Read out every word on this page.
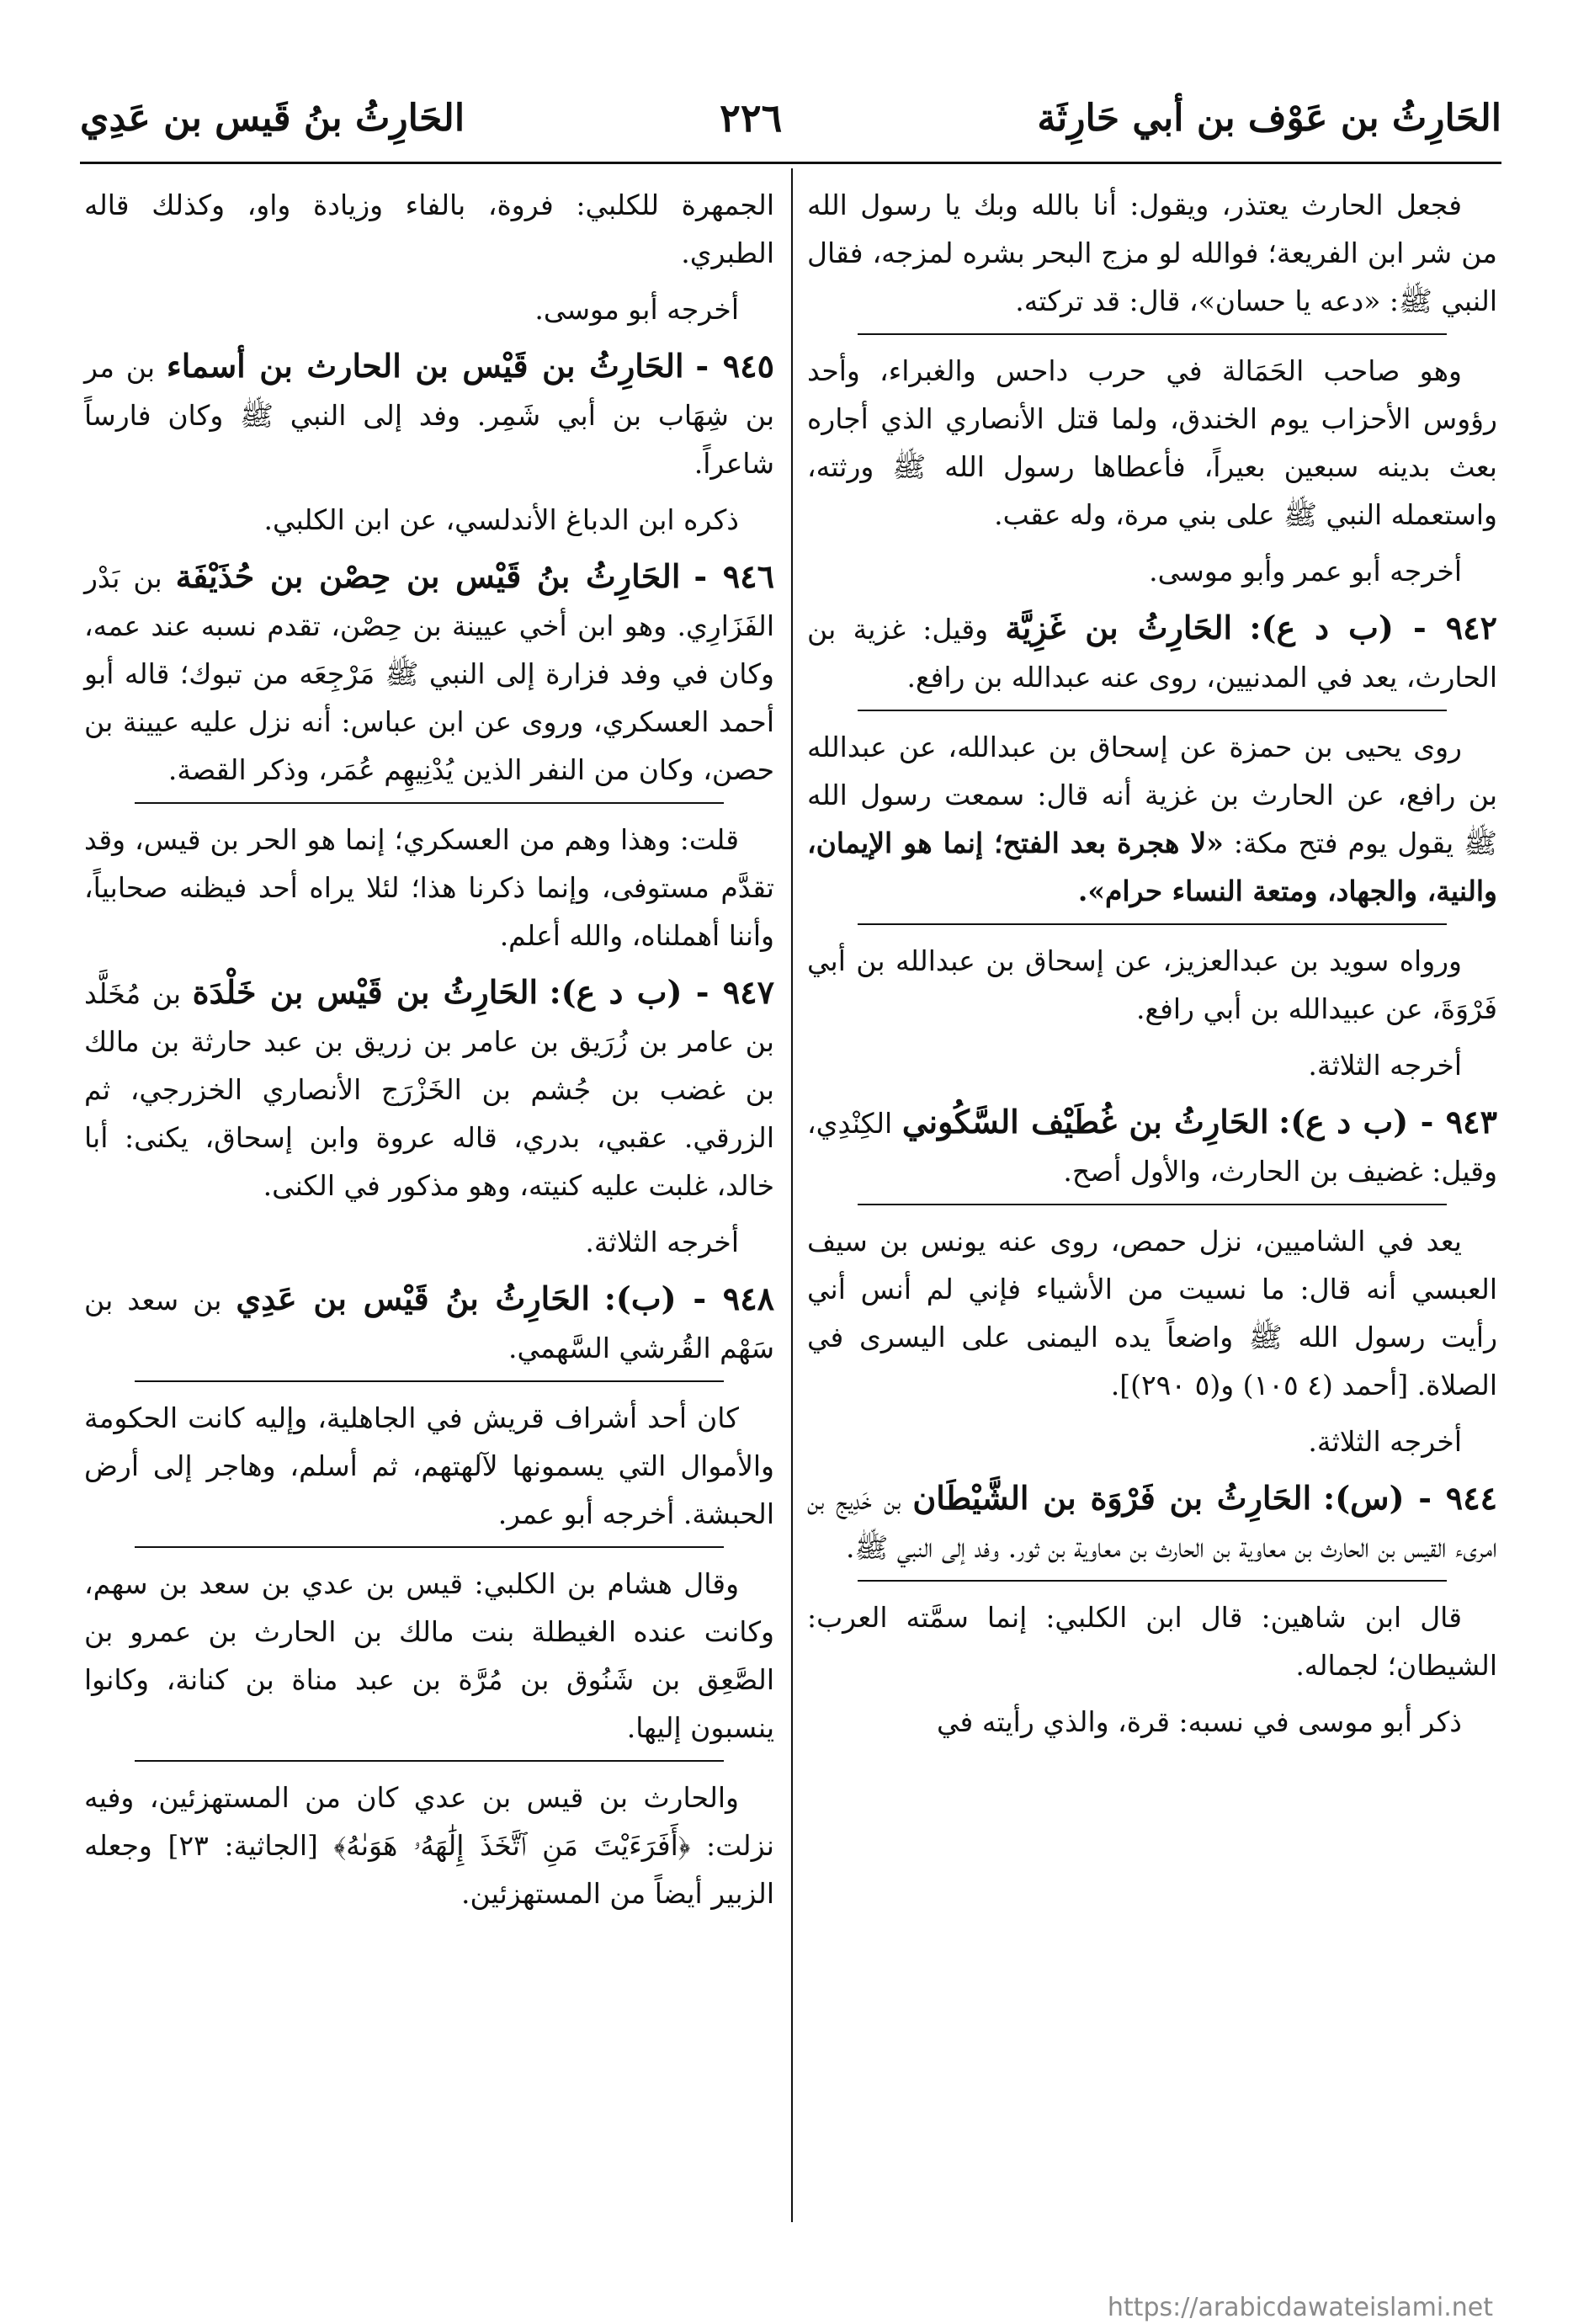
الحَارِثُ بن عَوْف بن أبي حَارِثَة
٢٢٦
الحَارِثُ بنُ قَيس بن عَدِي

فجعل الحارث يعتذر، ويقول: أنا بالله وبك يا رسول الله من شر ابن الفريعة؛ فوالله لو مزج البحر بشره لمزجه، فقال النبي ﷺ: «دعه يا حسان»، قال: قد تركته.

وهو صاحب الحَمَالة في حرب داحس والغبراء، وأحد رؤوس الأحزاب يوم الخندق، ولما قتل الأنصاري الذي أجاره بعث بدينه سبعين بعيراً، فأعطاها رسول الله ﷺ ورثته، واستعمله النبي ﷺ على بني مرة، وله عقب.

أخرجه أبو عمر وأبو موسى.

٩٤٢ - (ب د ع): الحَارِثُ بن غَزِيَّة وقيل: غزية بن الحارث، يعد في المدنيين، روى عنه عبدالله بن رافع.

روى يحيى بن حمزة عن إسحاق بن عبدالله، عن عبدالله بن رافع، عن الحارث بن غزية أنه قال: سمعت رسول الله ﷺ يقول يوم فتح مكة: «لا هجرة بعد الفتح؛ إنما هو الإيمان، والنية، والجهاد، ومتعة النساء حرام».

ورواه سويد بن عبدالعزيز، عن إسحاق بن عبدالله بن أبي فَرْوَةَ، عن عبيدالله بن أبي رافع.

أخرجه الثلاثة.

٩٤٣ - (ب د ع): الحَارِثُ بن غُطَيْف السَّكُوني الكِنْدِي، وقيل: غضيف بن الحارث، والأول أصح.

يعد في الشاميين، نزل حمص، روى عنه يونس بن سيف العبسي أنه قال: ما نسيت من الأشياء فإني لم أنس أني رأيت رسول الله ﷺ واضعاً يده اليمنى على اليسرى في الصلاة. [أحمد (٤ ١٠٥) و(٥ ٢٩٠)].

أخرجه الثلاثة.

٩٤٤ - (س): الحَارِثُ بن فَرْوَة بن الشَّيْطَان بن خَدِيج بن امرىء القيس بن الحارث بن معاوية بن الحارث بن معاوية بن ثور. وفد إلى النبي ﷺ.

قال ابن شاهين: قال ابن الكلبي: إنما سمَّته العرب: الشيطان؛ لجماله.

ذكر أبو موسى في نسبه: قرة، والذي رأيته في

الجمهرة للكلبي: فروة، بالفاء وزيادة واو، وكذلك قاله الطبري.

أخرجه أبو موسى.

٩٤٥ - الحَارِثُ بن قَيْس بن الحارث بن أسماء بن مر بن شِهَاب بن أبي شَمِر. وفد إلى النبي ﷺ وكان فارساً شاعراً.

ذكره ابن الدباغ الأندلسي، عن ابن الكلبي.

٩٤٦ - الحَارِثُ بنُ قَيْس بن حِصْن بن حُذَيْفَة بن بَدْر الفَزَارِي. وهو ابن أخي عيينة بن حِصْن، تقدم نسبه عند عمه، وكان في وفد فزارة إلى النبي ﷺ مَرْجِعَه من تبوك؛ قاله أبو أحمد العسكري، وروى عن ابن عباس: أنه نزل عليه عيينة بن حصن، وكان من النفر الذين يُدْنِيهِم عُمَر، وذكر القصة.

قلت: وهذا وهم من العسكري؛ إنما هو الحر بن قيس، وقد تقدَّم مستوفى، وإنما ذكرنا هذا؛ لئلا يراه أحد فيظنه صحابياً، وأننا أهملناه، والله أعلم.

٩٤٧ - (ب د ع): الحَارِثُ بن قَيْس بن خَلْدَة بن مُخَلَّد بن عامر بن زُرَيق بن عامر بن زريق بن عبد حارثة بن مالك بن غضب بن جُشم بن الخَزْرَج الأنصاري الخزرجي، ثم الزرقي. عقبي، بدري، قاله عروة وابن إسحاق، يكنى: أبا خالد، غلبت عليه كنيته، وهو مذكور في الكنى.

أخرجه الثلاثة.

٩٤٨ - (ب): الحَارِثُ بنُ قَيْس بن عَدِي بن سعد بن سَهْم القُرشي السَّهمي.

كان أحد أشراف قريش في الجاهلية، وإليه كانت الحكومة والأموال التي يسمونها لآلهتهم، ثم أسلم، وهاجر إلى أرض الحبشة. أخرجه أبو عمر.

وقال هشام بن الكلبي: قيس بن عدي بن سعد بن سهم، وكانت عنده الغيطلة بنت مالك بن الحارث بن عمرو بن الصَّعِق بن شَنُوق بن مُرَّة بن عبد مناة بن كنانة، وكانوا ينسبون إليها.

والحارث بن قيس بن عدي كان من المستهزئين، وفيه نزلت: ﴿أَفَرَءَيْتَ مَنِ ٱتَّخَذَ إِلَٰهَهُۥ هَوَىٰهُ﴾ [الجاثية: ٢٣] وجعله الزبير أيضاً من المستهزئين.

https://arabicdawateislami.net
